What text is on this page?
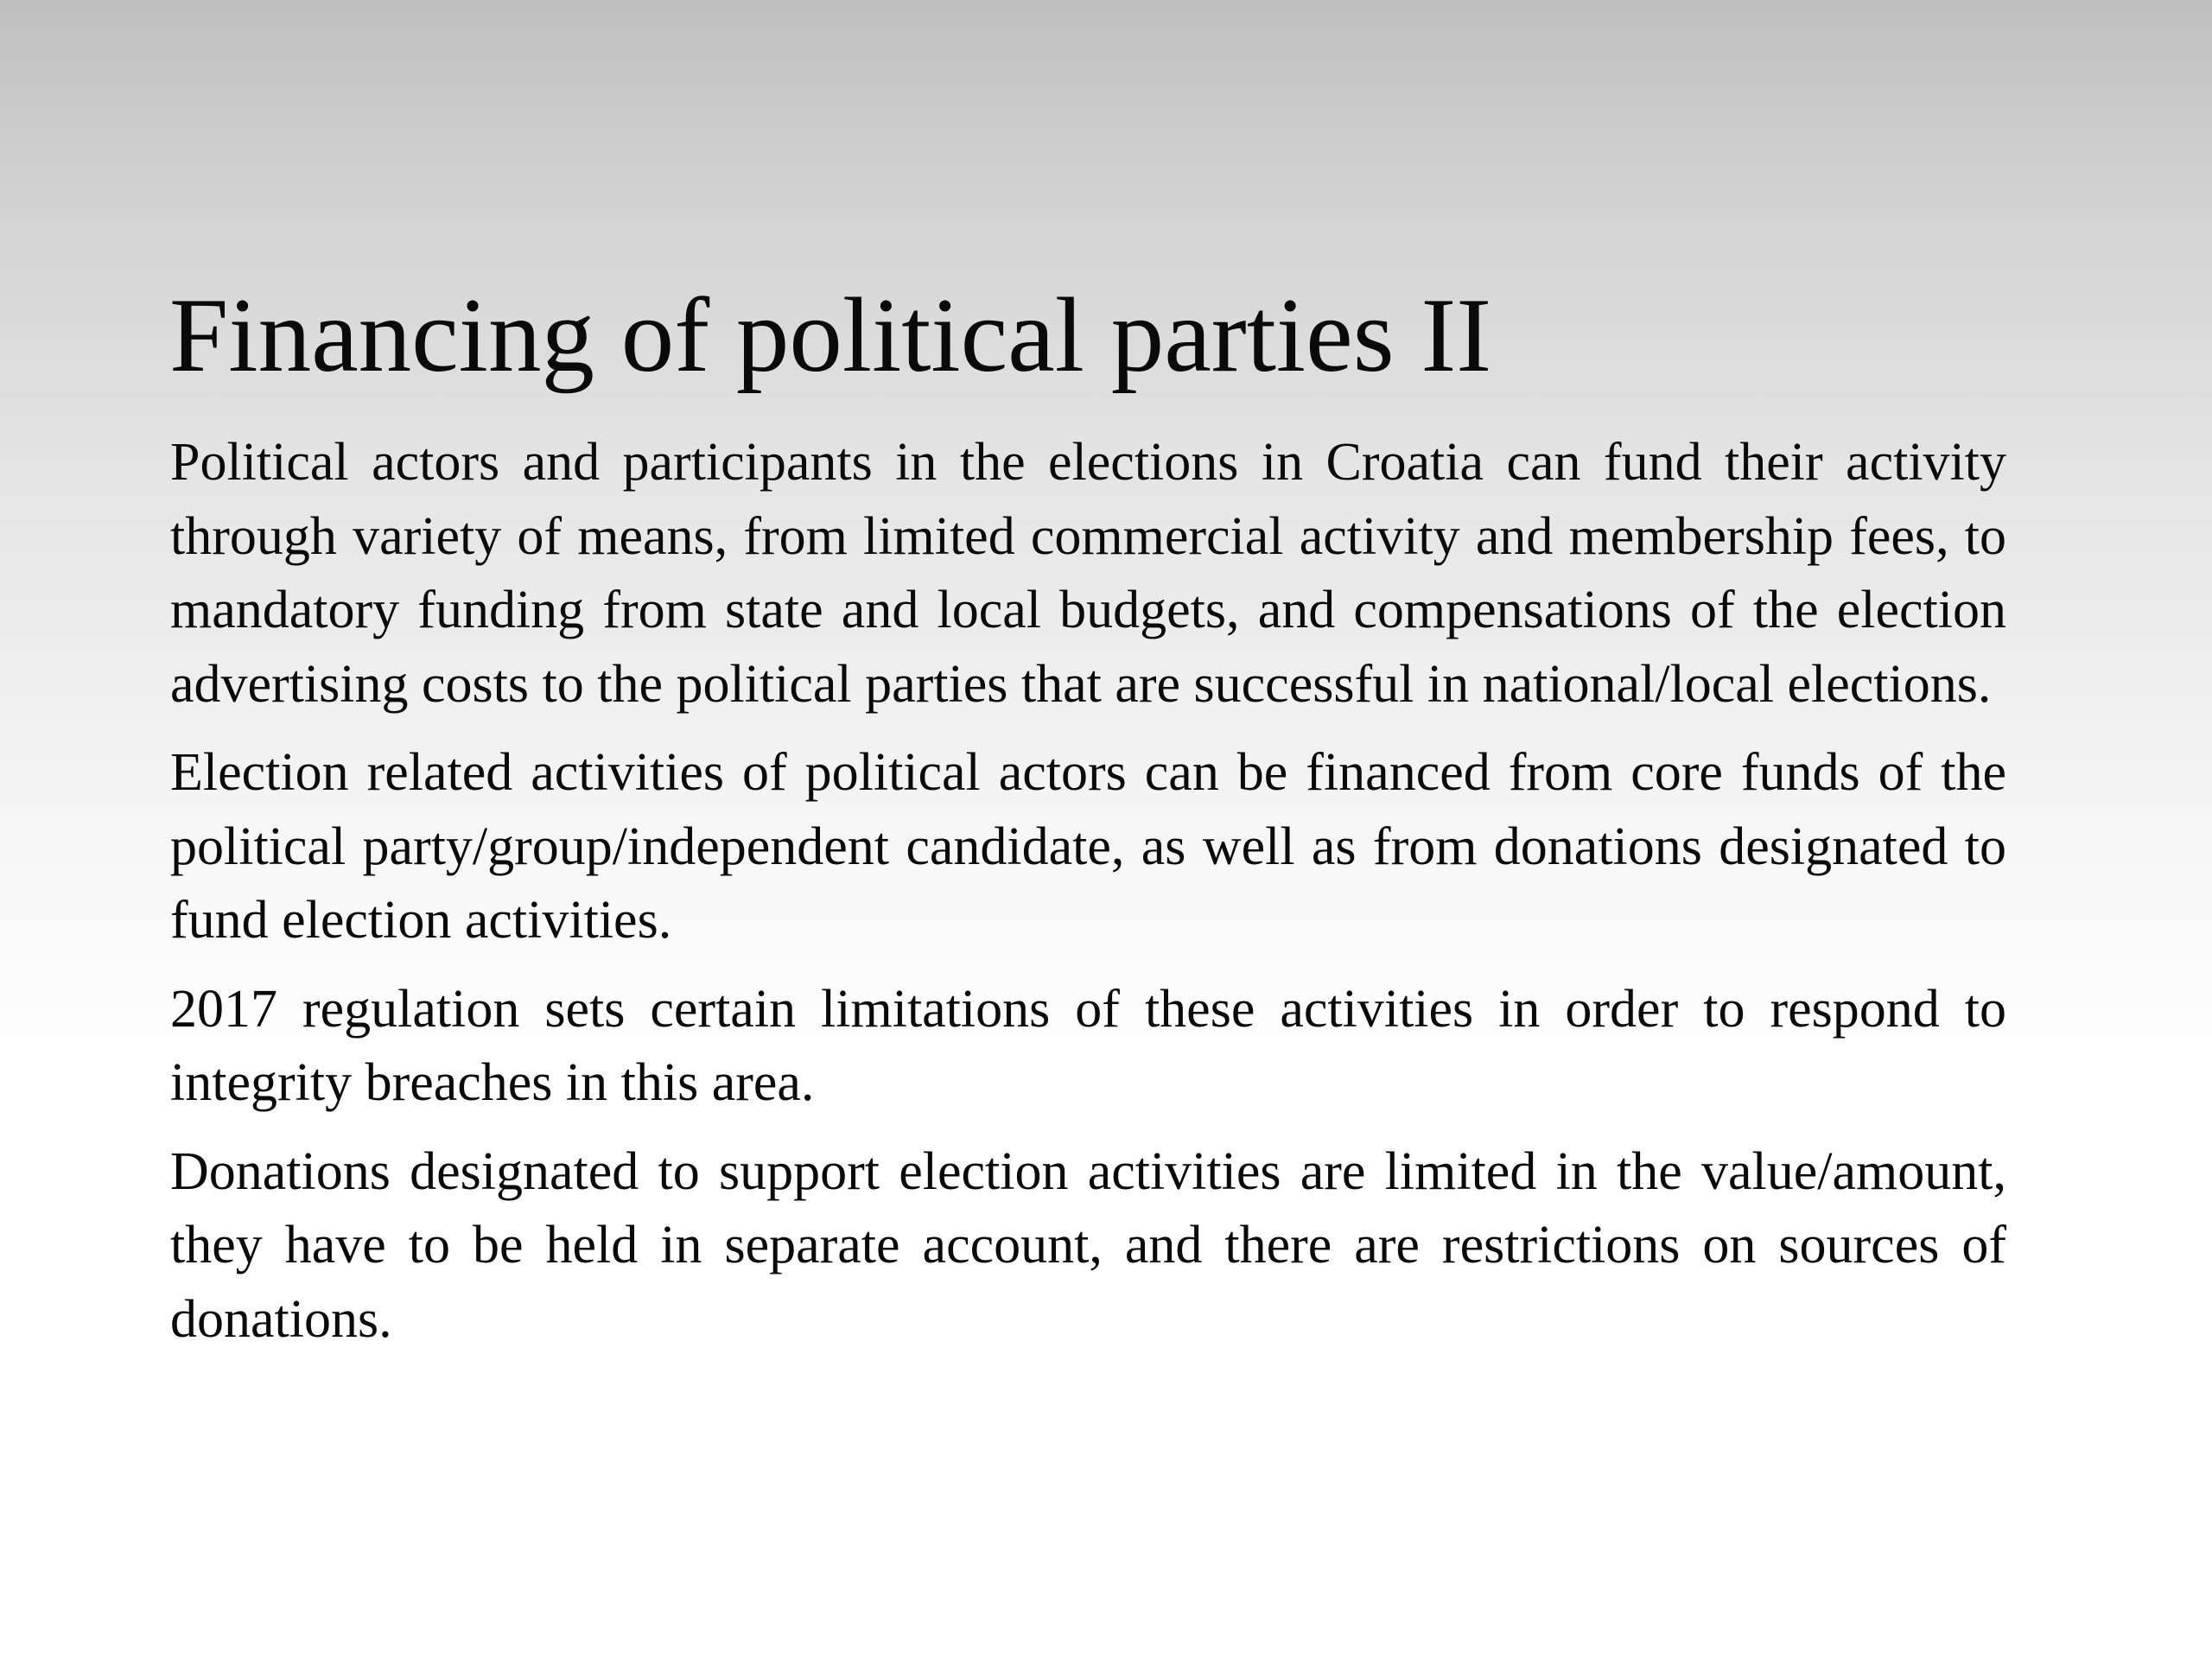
Financing of political parties II

Political actors and participants in the elections in Croatia can fund their activity through variety of means, from limited commercial activity and membership fees, to mandatory funding from state and local budgets, and compensations of the election advertising costs to the political parties that are successful in national/local elections.

Election related activities of political actors can be financed from core funds of the political party/group/independent candidate, as well as from donations designated to fund election activities.

2017 regulation sets certain limitations of these activities in order to respond to integrity breaches in this area.

Donations designated to support election activities are limited in the value/amount, they have to be held in separate account, and there are restrictions on sources of donations.
